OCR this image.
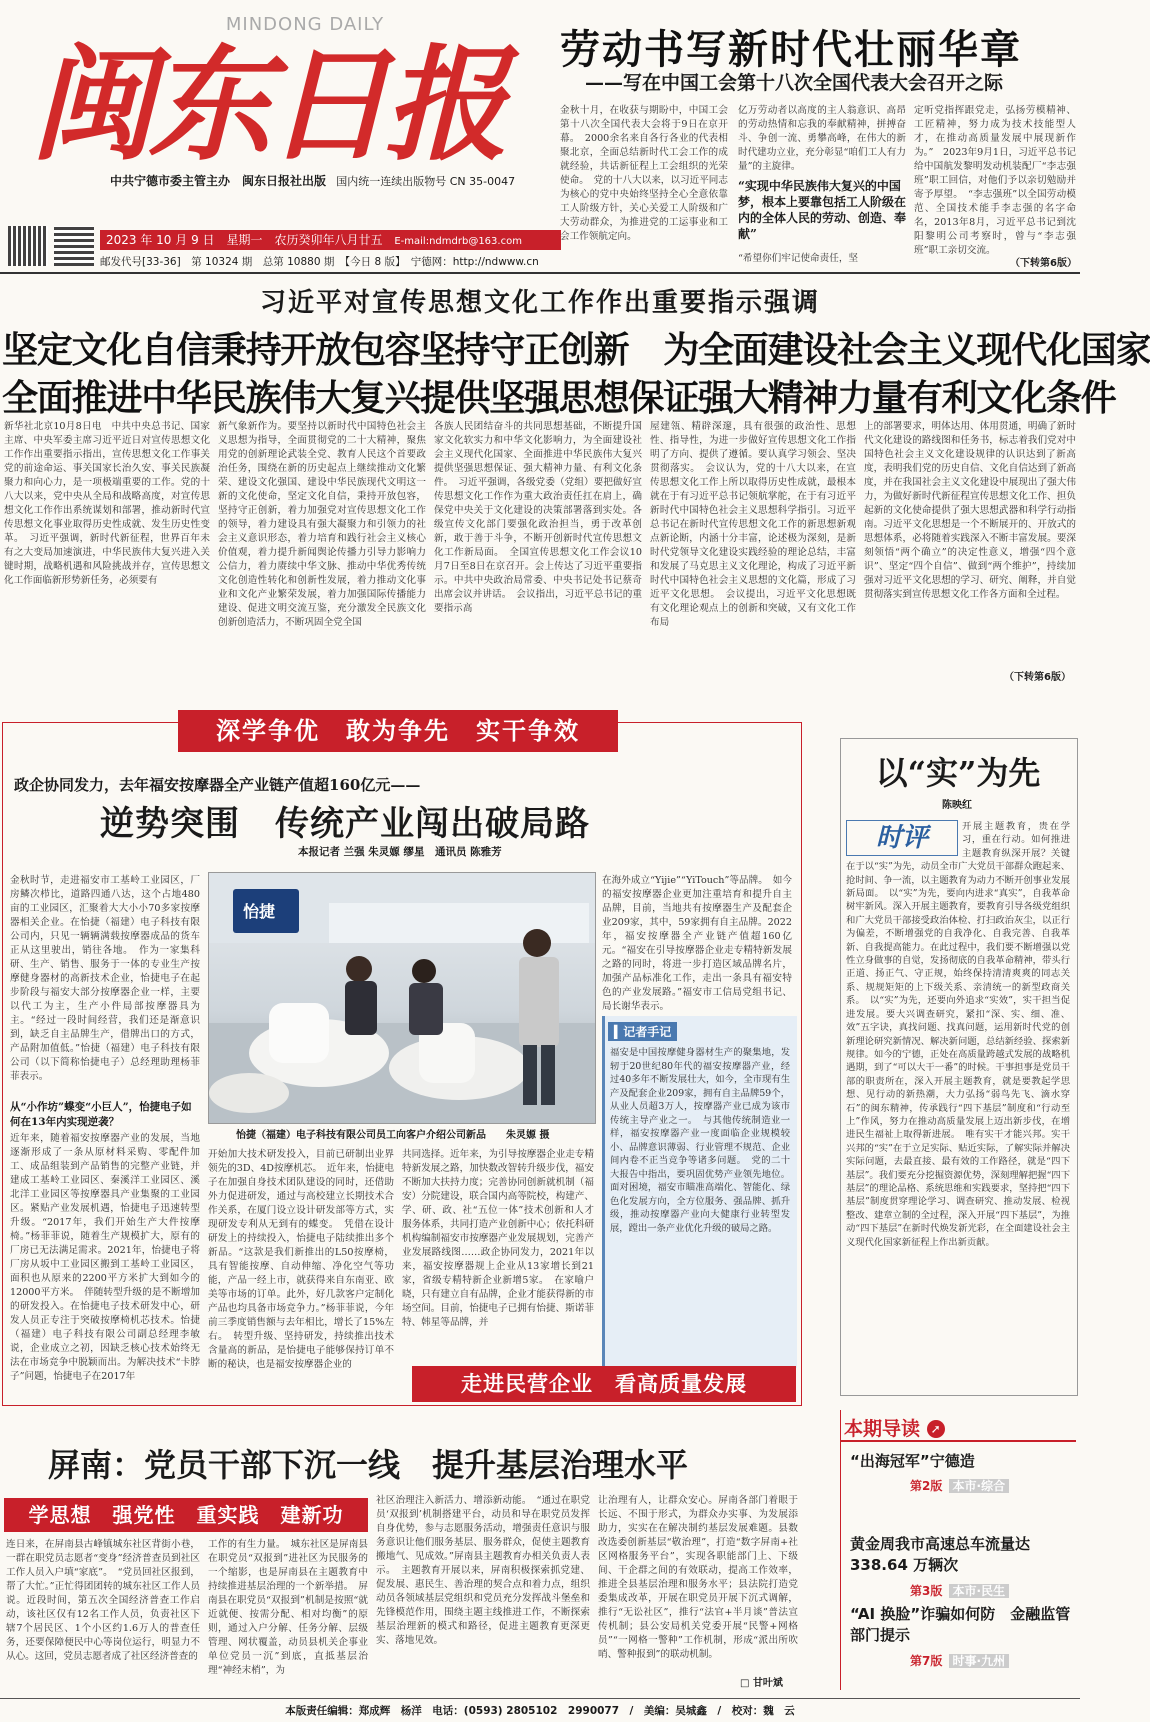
MINDONG DAILY
闽东日报
中共宁德市委主管主办　闽东日报社出版 国内统一连续出版物号 CN 35-0047
2023 年 10 月 9 日　星期一　农历癸卯年八月廿五 E-mail:ndmdrb@163.com
邮发代号[33-36]　第 10324 期　总第 10880 期　【今日 8 版】　宁德网：http://ndwww.cn
劳动书写新时代壮丽华章
——写在中国工会第十八次全国代表大会召开之际
金秋十月，在收获与期盼中，中国工会第十八次全国代表大会将于9日在京开幕。　2000余名来自各行各业的代表相聚北京，全面总结新时代工会工作的成就经验，共话新征程上工会组织的光荣使命。　党的十八大以来，以习近平同志为核心的党中央始终坚持全心全意依靠工人阶级方针，关心关爱工人阶级和广大劳动群众，为推进党的工运事业和工会工作领航定向。
亿万劳动者以高度的主人翁意识、高昂的劳动热情和忘我的奉献精神，拼搏奋斗、争创一流、勇攀高峰，在伟大的新时代建功立业，充分彰显“咱们工人有力量”的主旋律。
“实现中华民族伟大复兴的中国梦，根本上要靠包括工人阶级在内的全体人民的劳动、创造、奉献”
“希望你们牢记使命责任，坚
定听党指挥跟党走，弘扬劳模精神、工匠精神，努力成为技术技能型人才，在推动高质量发展中展现新作为。”　2023年9月1日，习近平总书记给中国航发黎明发动机装配厂“李志强班”职工回信，对他们予以亲切勉励并寄予厚望。　“李志强班”以全国劳动模范、全国技术能手李志强的名字命名，2013年8月，习近平总书记到沈阳黎明公司考察时，曾与“李志强班”职工亲切交流。
（下转第6版）
习近平对宣传思想文化工作作出重要指示强调
坚定文化自信秉持开放包容坚持守正创新　为全面建设社会主义现代化国家
全面推进中华民族伟大复兴提供坚强思想保证强大精神力量有利文化条件
新华社北京10月8日电　中共中央总书记、国家主席、中央军委主席习近平近日对宣传思想文化工作作出重要指示指出，宣传思想文化工作事关党的前途命运、事关国家长治久安、事关民族凝聚力和向心力，是一项极端重要的工作。党的十八大以来，党中央从全局和战略高度，对宣传思想文化工作作出系统谋划和部署，推动新时代宣传思想文化事业取得历史性成就、发生历史性变革。　习近平强调，新时代新征程，世界百年未有之大变局加速演进，中华民族伟大复兴进入关键时期，战略机遇和风险挑战并存，宣传思想文化工作面临新形势新任务，必须要有
新气象新作为。要坚持以新时代中国特色社会主义思想为指导，全面贯彻党的二十大精神，聚焦用党的创新理论武装全党、教育人民这个首要政治任务，围绕在新的历史起点上继续推动文化繁荣、建设文化强国、建设中华民族现代文明这一新的文化使命，坚定文化自信，秉持开放包容，坚持守正创新，着力加强党对宣传思想文化工作的领导，着力建设具有强大凝聚力和引领力的社会主义意识形态，着力培育和践行社会主义核心价值观，着力提升新闻舆论传播力引导力影响力公信力，着力赓续中华文脉、推动中华优秀传统文化创造性转化和创新性发展，着力推动文化事业和文化产业繁荣发展，着力加强国际传播能力建设、促进文明交流互鉴，充分激发全民族文化创新创造活力，不断巩固全党全国
各族人民团结奋斗的共同思想基础，不断提升国家文化软实力和中华文化影响力，为全面建设社会主义现代化国家、全面推进中华民族伟大复兴提供坚强思想保证、强大精神力量、有利文化条件。　习近平强调，各级党委（党组）要把做好宣传思想文化工作作为重大政治责任扛在肩上，确保党中央关于文化建设的决策部署落到实处。各级宣传文化部门要强化政治担当，勇于改革创新，敢于善于斗争，不断开创新时代宣传思想文化工作新局面。　全国宣传思想文化工作会议10月7日至8日在京召开。会上传达了习近平重要指示。中共中央政治局常委、中央书记处书记蔡奇出席会议并讲话。　会议指出，习近平总书记的重要指示高
屋建瓴、精辟深邃，具有很强的政治性、思想性、指导性，为进一步做好宣传思想文化工作指明了方向、提供了遵循。要认真学习领会、坚决贯彻落实。　会议认为，党的十八大以来，在宣传思想文化工作上所以取得历史性成就，最根本就在于有习近平总书记领航掌舵，在于有习近平新时代中国特色社会主义思想科学指引。习近平总书记在新时代宣传思想文化工作的新思想新观点新论断，内涵十分丰富，论述极为深刻，是新时代党领导文化建设实践经验的理论总结，丰富和发展了马克思主义文化理论，构成了习近平新时代中国特色社会主义思想的文化篇，形成了习近平文化思想。　会议提出，习近平文化思想既有文化理论观点上的创新和突破，又有文化工作布局
上的部署要求，明体达用、体用贯通，明确了新时代文化建设的路线图和任务书，标志着我们党对中国特色社会主义文化建设规律的认识达到了新高度，表明我们党的历史自信、文化自信达到了新高度，并在我国社会主义文化建设中展现出了强大伟力，为做好新时代新征程宣传思想文化工作、担负起新的文化使命提供了强大思想武器和科学行动指南。习近平文化思想是一个不断展开的、开放式的思想体系，必将随着实践深入不断丰富发展。要深刻领悟“两个确立”的决定性意义，增强“四个意识”、坚定“四个自信”、做到“两个维护”，持续加强对习近平文化思想的学习、研究、阐释，并自觉贯彻落实到宣传思想文化工作各方面和全过程。
（下转第6版）
深学争优　敢为争先　实干争效
政企协同发力，去年福安按摩器全产业链产值超160亿元——
逆势突围　传统产业闯出破局路
本报记者 兰强 朱灵嫄 缪星　通讯员 陈雅芳
金秋时节，走进福安市工基岭工业园区，厂房鳞次栉比，道路四通八达，这个占地480亩的工业园区，汇聚着大大小小70多家按摩器相关企业。在怡捷（福建）电子科技有限公司内，只见一辆辆满载按摩器成品的货车正从这里驶出，销往各地。　作为一家集科研、生产、销售、服务于一体的专业生产按摩健身器材的高新技术企业，怡捷电子在起步阶段与福安大部分按摩器企业一样，主要以代工为主，生产小件局部按摩器具为主。“经过一段时间经营，我们还是渐意识到，缺乏自主品牌生产，借牌出口的方式，产品附加值低。”怡捷（福建）电子科技有限公司（以下简称怡捷电子）总经理助理杨菲菲表示。
从“小作坊”蝶变“小巨人”，怡捷电子如何在13年内实现逆袭？
近年来，随着福安按摩器产业的发展，当地逐渐形成了一条从原材料采购、零配件加工、成品组装到产品销售的完整产业链，并建成工基岭工业园区、秦溪洋工业园区、溪北洋工业园区等按摩器具产业集聚的工业园区。紧贴产业发展机遇，怡捷电子迅速转型升级。“2017年，我们开始生产大件按摩椅。”杨菲菲说，随着生产规模扩大，原有的厂房已无法满足需求。2021年，怡捷电子将厂房从坂中工业园区搬到工基岭工业园区，面积也从原来的2200平方米扩大到如今的12000平方米。　伴随转型升级的是不断增加的研发投入。在怡捷电子技术研发中心，研发人员正专注于突破按摩椅机芯技术。怡捷（福建）电子科技有限公司副总经理李敏说，企业成立之初，因缺乏核心技术始终无法在市场竞争中脱颖而出。为解决技术“卡脖子”问题，怡捷电子在2017年
怡捷
怡捷（福建）电子科技有限公司员工向客户介绍公司新品　　朱灵嫄 摄
在海外成立“Yijie”“YiTouch”等品牌。　如今的福安按摩器企业更加注重培育和提升自主品牌，目前，当地共有按摩器生产及配套企业209家，其中，59家拥有自主品牌。2022年，福安按摩器全产业链产值超160亿元。“福安在引导按摩器企业走专精特新发展之路的同时，将进一步打造区域品牌名片，加强产品标准化工作，走出一条具有福安特色的产业发展路。”福安市工信局党组书记、局长谢华表示。
▍记者手记
福安是中国按摩健身器材生产的聚集地，发轫于20世纪80年代的福安按摩器产业，经过40多年不断发展壮大，如今，全市现有生产及配套企业209家，拥有自主品牌59个，从业人员超3万人，按摩器产业已成为该市传统主导产业之一。　与其他传统制造业一样，福安按摩器产业一度面临企业规模较小、品牌意识薄弱、行业管理不规范、企业间内卷不正当竞争等诸多问题。　党的二十大报告中指出，要巩固优势产业领先地位。面对困境，福安市瞄准高端化、智能化、绿色化发展方向，全方位服务、强品牌、抓升级，推动按摩器产业向大健康行业转型发展，蹚出一条产业优化升级的破局之路。
开始加大技术研发投入，目前已研制出业界领先的3D、4D按摩机芯。　近年来，怡捷电子在加强自身技术团队建设的同时，还借助外力促进研发，通过与高校建立长期技术合作关系，在厦门设立设计研发部等方式，实现研发专利从无到有的蝶变。　凭借在设计研发上的持续投入，怡捷电子陆续推出多个新品。“这款是我们新推出的L50按摩椅，具有智能按摩、自动伸缩、净化空气等功能，产品一经上市，就获得来自东南亚、欧美等市场的订单。此外，好几款客户定制化产品也均具备市场竞争力。”杨菲菲说，今年前三季度销售额与去年相比，增长了15%左右。　转型升级、坚持研发，持续推出技术含量高的新品，是怡捷电子能够保持订单不断的秘诀，也是福安按摩器企业的
共同选择。近年来，为引导按摩器企业走专精特新发展之路，加快数改智转升级步伐，福安不断加大扶持力度；完善协同创新就机制（福安）分院建设，联合国内高等院校，构建产、学、研、政、社“五位一体”技术创新和人才服务体系，共同打造产业创新中心；依托科研机构编制福安市按摩器产业发展规划，完善产业发展路线图……政企协同发力，2021年以来，福安按摩器规上企业从13家增长到21家，省级专精特新企业新增5家。　在家喻户晓，只有建立自有品牌，企业才能获得新的市场空间。目前，怡捷电子已拥有怡捷、斯诺菲特、韩星等品牌，并
走进民营企业　看高质量发展
以“实”为先
陈映红
时评	开展主题教育，贵在学习，重在行动。如何推进主题教育纵深开展？关键在于以“实”为先，动员全市广大党员干部群众跑起来、抢时间、争一流，以主题教育为动力不断开创事业发展新局面。　以“实”为先，要向内进求“真实”，自我革命树牢新风。深入开展主题教育，要教育引导各级党组织和广大党员干部接受政治体检、打扫政治灰尘，以正行为偏差，不断增强党的自我净化、自我完善、自我革新、自我提高能力。在此过程中，我们要不断增强以党性立身做事的自觉，发扬彻底的自我革命精神，带头行正道、扬正气、守正规，始终保持清清爽爽的同志关系、规规矩矩的上下级关系、亲清统一的新型政商关系。　以“实”为先，还要向外追求“实效”，实干担当促进发展。要大兴调查研究，紧扣“深、实、细、准、效”五字诀，真找问题、找真问题，运用新时代党的创新理论研究新情况、解决新问题，总结新经验、探索新规律。如今的宁德，正处在高质量跨越式发展的战略机遇期，到了“可以大干一番”的时候。干事担事是党员干部的职责所在，深入开展主题教育，就是要教起学思想、见行动的新热潮，大力弘扬“弱鸟先飞、滴水穿石”的闽东精神，传承践行“四下基层”制度和“行动至上”作风，努力在推动高质量发展上迈出新步伐，在增进民生福祉上取得新进展。　唯有实干才能兴邦。实干兴邦的“实”在于立足实际、贴近实际，了解实际并解决实际问题，去最直接、最有效的工作路径，就是“四下基层”。我们要充分挖掘资源优势，深刻理解把握“四下基层”的理论品格、系统思维和实践要求，坚持把“四下基层”制度贯穿理论学习、调查研究、推动发展、检视整改、建章立制的全过程，深入开展“四下基层”，为推动“四下基层”在新时代焕发新光彩，在全面建设社会主义现代化国家新征程上作出新贡献。
本期导读 ➚
“出海冠军”宁德造
第2版 本市·综合
黄金周我市高速总车流量达 338.64 万辆次
第3版 本市·民生
“AI 换脸”诈骗如何防　金融监管部门提示
第7版 时事·九州
屏南：党员干部下沉一线　提升基层治理水平
学思想　强党性　重实践　建新功
连日来，在屏南县古峰镇城东社区背街小巷，一群在职党员志愿者“变身”经济普查员到社区工作人员入户填“家底”。　“党员回社区报到，帮了大忙。”正忙得团团转的城东社区工作人员说。近段时间，第五次全国经济普查工作启动，该社区仅有12名工作人员，负责社区下辖7个居民区、1个小区约1.6万人的普查任务，还要保障便民中心等岗位运行，明显力不从心。这回，党员志愿者成了社区经济普查的
工作的有生力量。　城东社区是屏南县在职党员“双报到”进社区为民服务的一个缩影，也是屏南县在主题教育中持续推进基层治理的一个新举措。　屏南县在职党员“双报到”机制是按照“就近就便、按需分配、相对均衡”的原则，通过入户分解、任务分解、层级管理、网状覆盖，动员县机关企事业单位党员一沉”到底，直抵基层治理“神经末梢”，为
社区治理注入新活力、增添新动能。　“通过在职党员‘双报到’机制搭建平台，动员和导在职党员发挥自身优势，参与志愿服务活动，增强责任意识与服务意识让他们服务基层、服务群众，促使主题教育搬地气、见成效。”屏南县主题教育办相关负责人表示。　主题教育开展以来，屏南积极探索抓党建、促发展、惠民生、善治理的契合点和着力点，组织动员各领域基层党组织和党员充分发挥战斗堡垒和先锋模范作用，围绕主题主线推进工作，不断探索基层治理新的模式和路径，促进主题教育更深更实、落地见效。
让治理有人，让群众安心。屏南各部门着眼于长远、不围于形式，为群众办实事、为发展添助力，实实在在解决制约基层发展难题。县数改选委创新基层“敬治理”，打造“数字屏南+社区网格服务平台”，实现各职能部门上、下级间、干企群之间的有效联动，提高工作效率，推进全县基层治理和服务水平；县法院打造党委集成改革，开展在职党员开展下沉式调解，推行“无讼社区”，推行“法官+半月谈”普法宣传机制；县公安局机关党委开展“民警+网格员”“一网格一警种”工作机制，形成“派出所吹哨、警种报到”的联动机制。
□ 甘叶斌
本版责任编辑：郑成辉　杨洋　电话：(0593) 2805102　2990077　/　美编：吴城鑫　/　校对：魏　云
